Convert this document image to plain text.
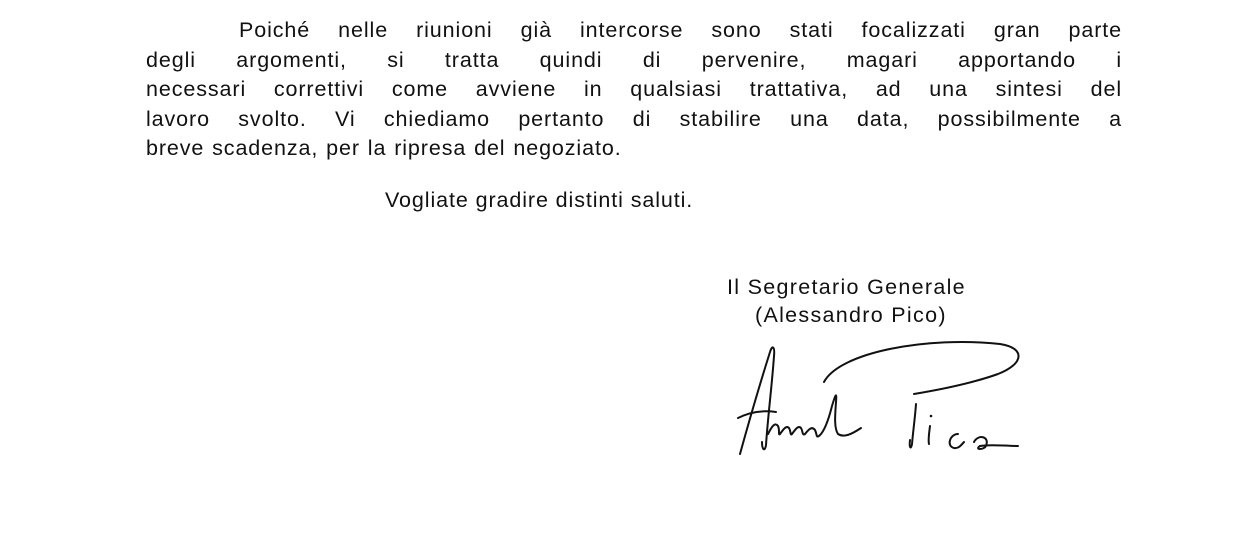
Poiché nelle riunioni già intercorse sono stati focalizzati gran parte
degli argomenti, si tratta quindi di pervenire, magari apportando i
necessari correttivi come avviene in qualsiasi trattativa, ad una sintesi del
lavoro svolto. Vi chiediamo pertanto di stabilire una data, possibilmente a
breve scadenza, per la ripresa del negoziato.

Vogliate gradire distinti saluti.

Il Segretario Generale
(Alessandro Pico)
